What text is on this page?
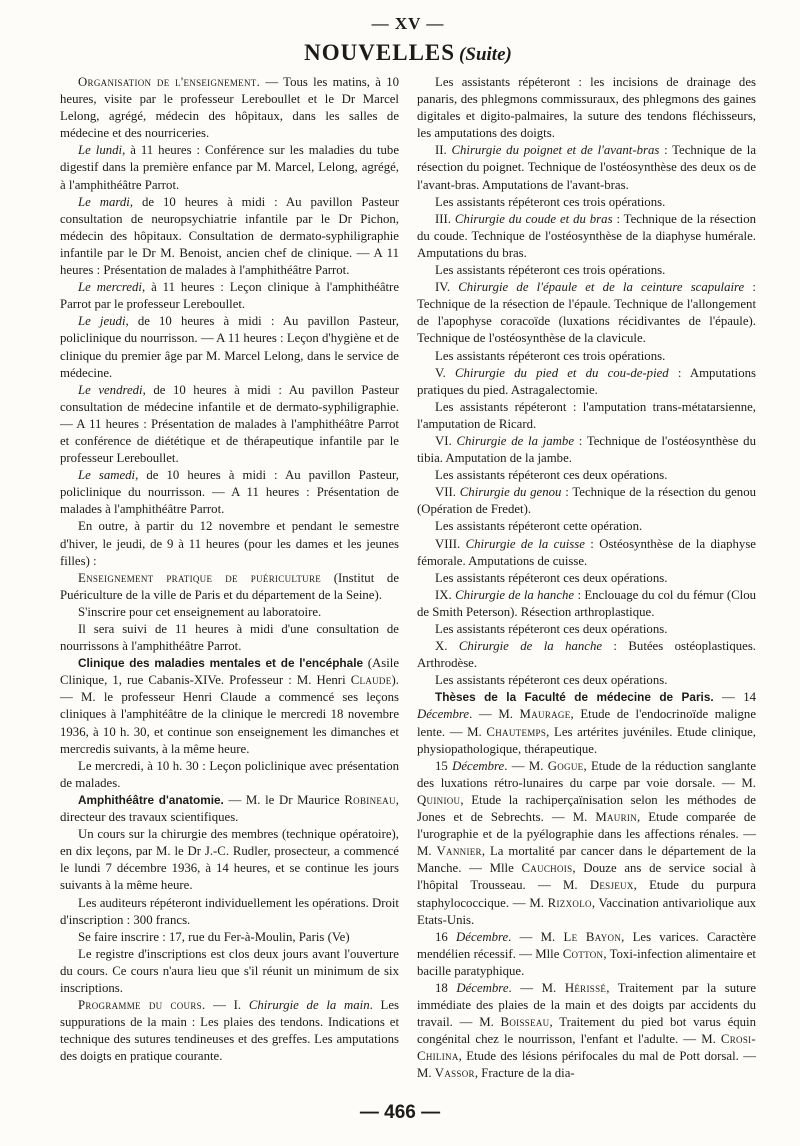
— XV —
NOUVELLES (Suite)

Organisation de l'enseignement. — Tous les matins, à 10 heures, visite par le professeur Lereboullet et le Dr Marcel Lelong, agrégé, médecin des hôpitaux, dans les salles de médecine et des nourriceries.

Le lundi, à 11 heures : Conférence sur les maladies du tube digestif dans la première enfance par M. Marcel, Lelong, agrégé, à l'amphithéâtre Parrot.

Le mardi, de 10 heures à midi : Au pavillon Pasteur consultation de neuropsychiatrie infantile par le Dr Pichon, médecin des hôpitaux. Consultation de dermato-syphiligraphie infantile par le Dr M. Benoist, ancien chef de clinique. — A 11 heures : Présentation de malades à l'amphithéâtre Parrot.

Le mercredi, à 11 heures : Leçon clinique à l'amphithéâtre Parrot par le professeur Lereboullet.

Le jeudi, de 10 heures à midi : Au pavillon Pasteur, policlinique du nourrisson. — A 11 heures : Leçon d'hygiène et de clinique du premier âge par M. Marcel Lelong, dans le service de médecine.

Le vendredi, de 10 heures à midi : Au pavillon Pasteur consultation de médecine infantile et de dermato-syphiligraphie. — A 11 heures : Présentation de malades à l'amphithéâtre Parrot et conférence de diététique et de thérapeutique infantile par le professeur Lereboullet.

Le samedi, de 10 heures à midi : Au pavillon Pasteur, policlinique du nourrisson. — A 11 heures : Présentation de malades à l'amphithéâtre Parrot.

En outre, à partir du 12 novembre et pendant le semestre d'hiver, le jeudi, de 9 à 11 heures (pour les dames et les jeunes filles) :

Enseignement pratique de puériculture (Institut de Puériculture de la ville de Paris et du département de la Seine).

S'inscrire pour cet enseignement au laboratoire.

Il sera suivi de 11 heures à midi d'une consultation de nourrissons à l'amphithéâtre Parrot.

Clinique des maladies mentales et de l'encéphale (Asile Clinique, 1, rue Cabanis-XIVe. Professeur : M. Henri Claude). — M. le professeur Henri Claude a commencé ses leçons cliniques à l'amphitéâtre de la clinique le mercredi 18 novembre 1936, à 10 h. 30, et continue son enseignement les dimanches et mercredis suivants, à la même heure.

Le mercredi, à 10 h. 30 : Leçon policlinique avec présentation de malades.

Amphithéâtre d'anatomie. — M. le Dr Maurice Robineau, directeur des travaux scientifiques.

Un cours sur la chirurgie des membres (technique opératoire), en dix leçons, par M. le Dr J.-C. Rudler, prosecteur, a commencé le lundi 7 décembre 1936, à 14 heures, et se continue les jours suivants à la même heure.

Les auditeurs répéteront individuellement les opérations. Droit d'inscription : 300 francs.

Se faire inscrire : 17, rue du Fer-à-Moulin, Paris (Ve)

Le registre d'inscriptions est clos deux jours avant l'ouverture du cours. Ce cours n'aura lieu que s'il réunit un minimum de six inscriptions.

Programme du cours. — I. Chirurgie de la main. Les suppurations de la main : Les plaies des tendons. Indications et technique des sutures tendineuses et des greffes. Les amputations des doigts en pratique courante.

Les assistants répéteront : les incisions de drainage des panaris, des phlegmons commissuraux, des phlegmons des gaines digitales et digito-palmaires, la suture des tendons fléchisseurs, les amputations des doigts.

II. Chirurgie du poignet et de l'avant-bras : Technique de la résection du poignet. Technique de l'ostéosynthèse des deux os de l'avant-bras. Amputations de l'avant-bras.

Les assistants répéteront ces trois opérations.

III. Chirurgie du coude et du bras : Technique de la résection du coude. Technique de l'ostéosynthèse de la diaphyse humérale. Amputations du bras.

Les assistants répéteront ces trois opérations.

IV. Chirurgie de l'épaule et de la ceinture scapulaire : Technique de la résection de l'épaule. Technique de l'allongement de l'apophyse coracoïde (luxations récidivantes de l'épaule). Technique de l'ostéosynthèse de la clavicule.

Les assistants répéteront ces trois opérations.

V. Chirurgie du pied et du cou-de-pied : Amputations pratiques du pied. Astragalectomie.

Les assistants répéteront : l'amputation trans-métatarsienne, l'amputation de Ricard.

VI. Chirurgie de la jambe : Technique de l'ostéosynthèse du tibia. Amputation de la jambe.

Les assistants répéteront ces deux opérations.

VII. Chirurgie du genou : Technique de la résection du genou (Opération de Fredet).

Les assistants répéteront cette opération.

VIII. Chirurgie de la cuisse : Ostéosynthèse de la diaphyse fémorale. Amputations de cuisse.

Les assistants répéteront ces deux opérations.

IX. Chirurgie de la hanche : Enclouage du col du fémur (Clou de Smith Peterson). Résection arthroplastique.

Les assistants répéteront ces deux opérations.

X. Chirurgie de la hanche : Butées ostéoplastiques. Arthrodèse.

Les assistants répéteront ces deux opérations.

Thèses de la Faculté de médecine de Paris. — 14 Décembre. — M. Maurage, Etude de l'endocrinoïde maligne lente. — M. Chautemps, Les artérites juvéniles. Etude clinique, physiopathologique, thérapeutique.

15 Décembre. — M. Gogue, Etude de la réduction sanglante des luxations rétro-lunaires du carpe par voie dorsale. — M. Quiniou, Etude la rachiperçaïnisation selon les méthodes de Jones et de Sebrechts. — M. Maurin, Etude comparée de l'urographie et de la pyélographie dans les affections rénales. — M. Vannier, La mortalité par cancer dans le département de la Manche. — Mlle Cauchois, Douze ans de service social à l'hôpital Trousseau. — M. Desjeux, Etude du purpura staphylococcique. — M. Rizxolo, Vaccination antivariolique aux Etats-Unis.

16 Décembre. — M. Le Bayon, Les varices. Caractère mendélien récessif. — Mlle Cotton, Toxi-infection alimentaire et bacille paratyphique.

18 Décembre. — M. Hérissé, Traitement par la suture immédiate des plaies de la main et des doigts par accidents du travail. — M. Boisseau, Traitement du pied bot varus équin congénital chez le nourrisson, l'enfant et l'adulte. — M. Crosi-Chilina, Etude des lésions périfocales du mal de Pott dorsal. — M. Vassor, Fracture de la dia-

— 466 —
